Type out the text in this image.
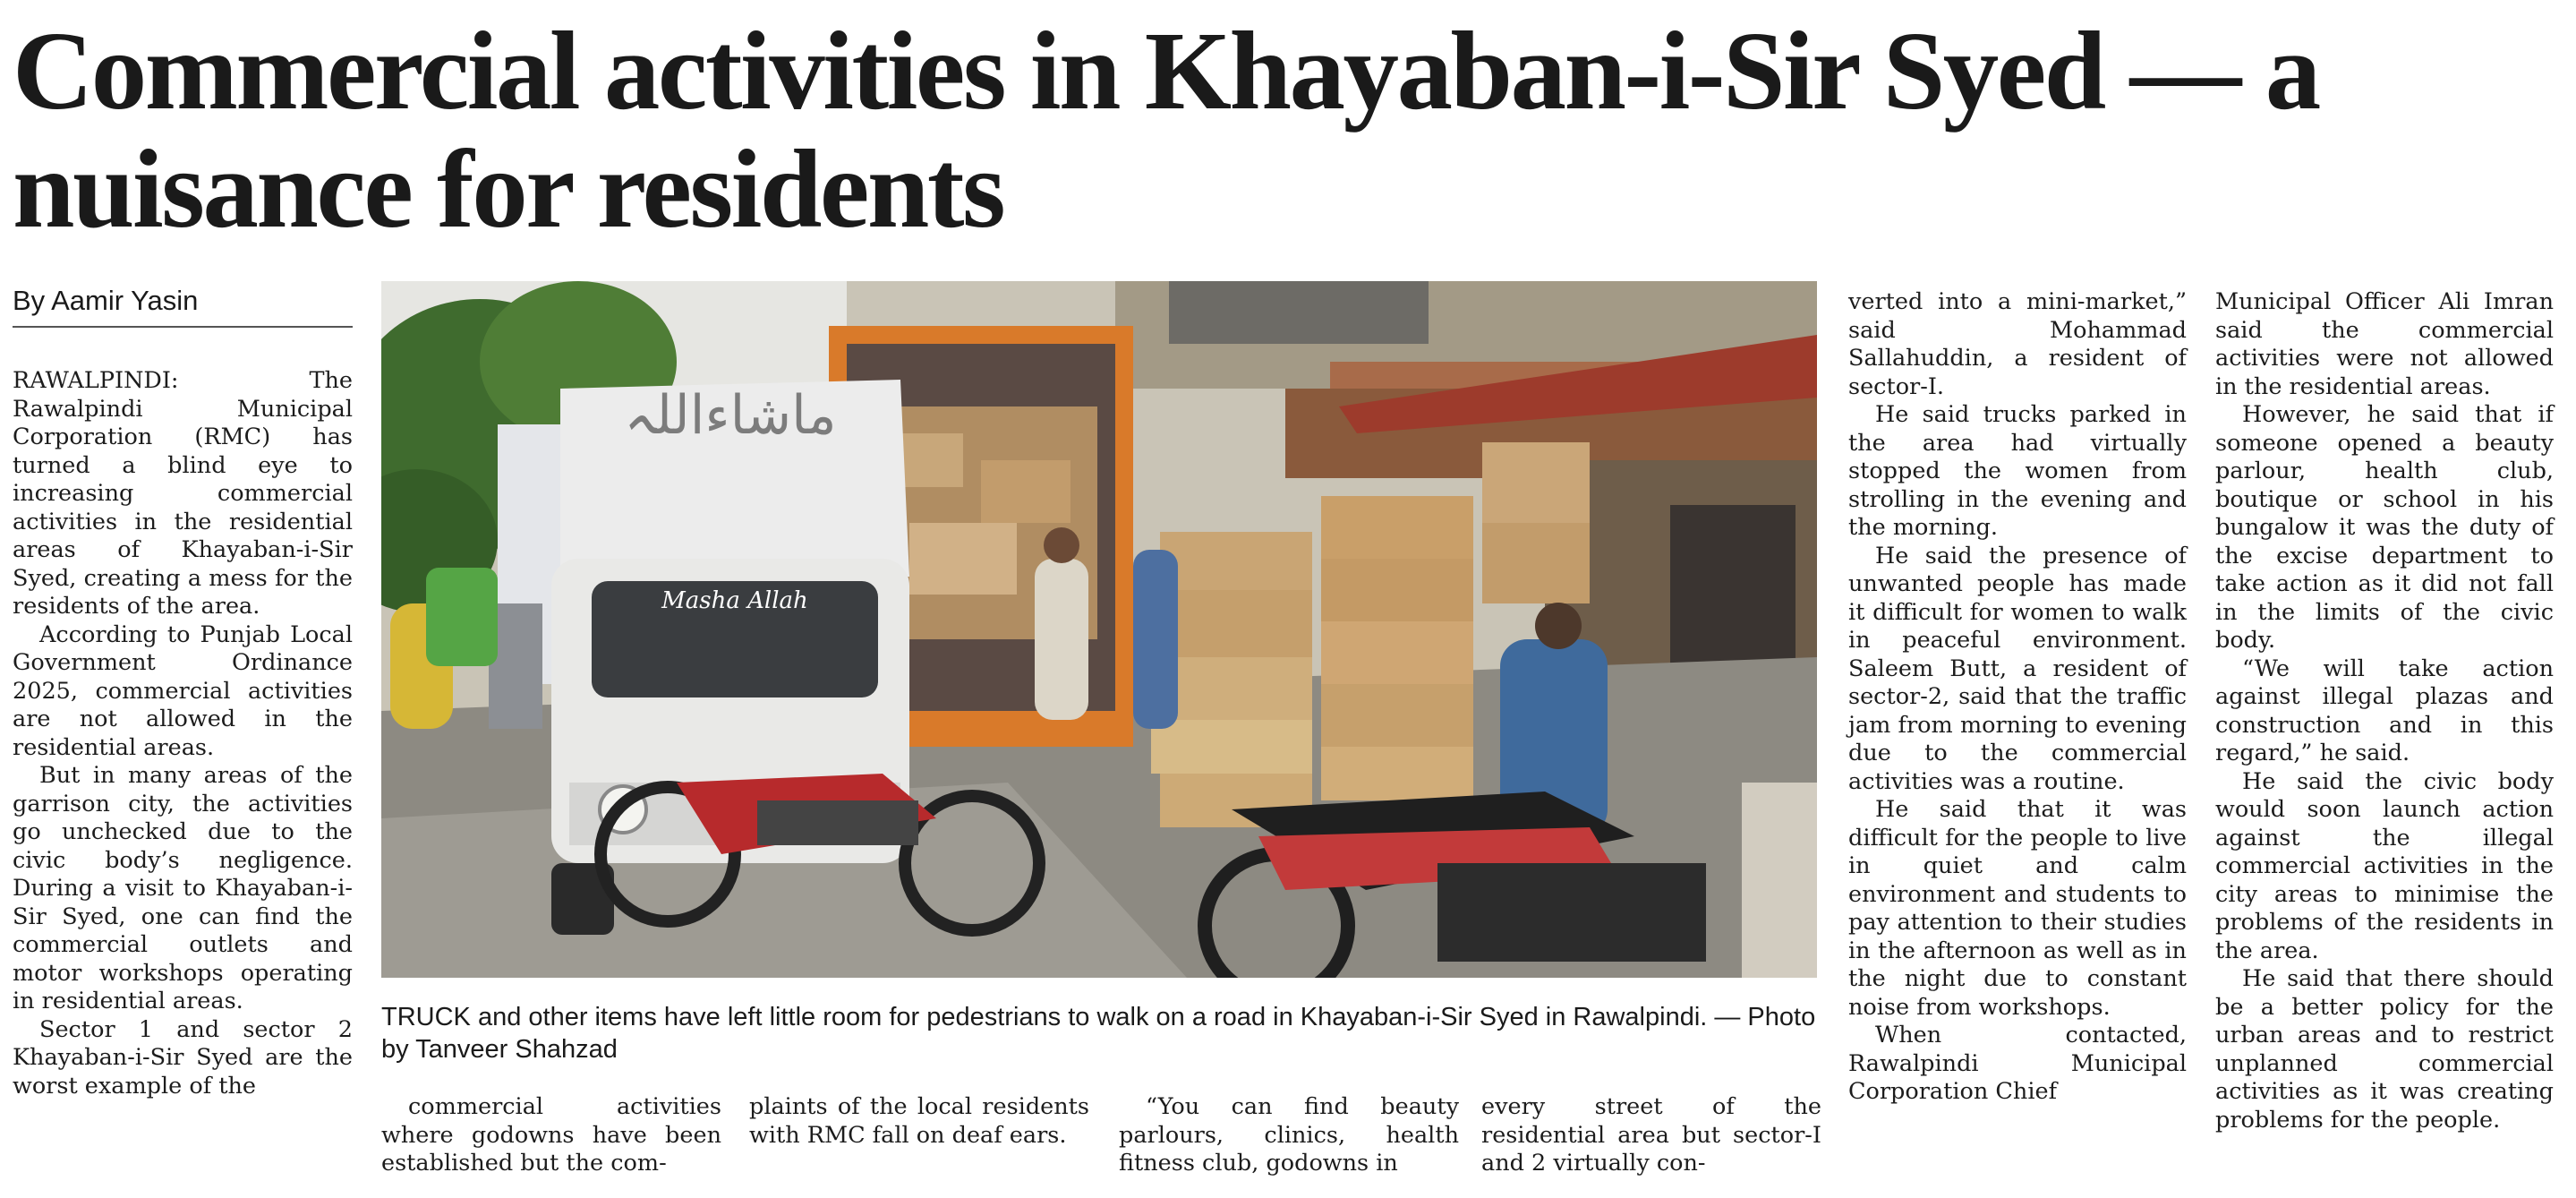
Commercial activities in Khayaban-i-Sir Syed — a nuisance for residents
By Aamir Yasin

RAWALPINDI: The Rawalpindi Municipal Corporation (RMC) has turned a blind eye to increasing commercial activities in the residential areas of Khayaban-i-Sir Syed, creating a mess for the residents of the area.

According to Punjab Local Government Ordinance 2025, commercial activities are not allowed in the residential areas.

But in many areas of the garrison city, the activities go unchecked due to the civic body’s negligence. During a visit to Khayaban-i-Sir Syed, one can find the commercial outlets and motor workshops operating in residential areas.

Sector 1 and sector 2 Khayaban-i-Sir Syed are the worst example of the

ماشاءاللہ
Masha Allah

TRUCK and other items have left little room for pedestrians to walk on a road in Khayaban-i-Sir Syed in Rawalpindi. — Photo by Tanveer Shahzad

commercial activities where godowns have been established but the com-

plaints of the local residents with RMC fall on deaf ears.

“You can find beauty parlours, clinics, health fitness club, godowns in

every street of the residential area but sector-I and 2 virtually con-

verted into a mini-market,” said Mohammad Sallahuddin, a resident of sector-I.

He said trucks parked in the area had virtually stopped the women from strolling in the evening and the morning.

He said the presence of unwanted people has made it difficult for women to walk in peaceful environment. Saleem Butt, a resident of sector-2, said that the traffic jam from morning to evening due to the commercial activities was a routine.

He said that it was difficult for the people to live in quiet and calm environment and students to pay attention to their studies in the afternoon as well as in the night due to constant noise from workshops.

When contacted, Rawalpindi Municipal Corporation Chief

Municipal Officer Ali Imran said the commercial activities were not allowed in the residential areas.

However, he said that if someone opened a beauty parlour, health club, boutique or school in his bungalow it was the duty of the excise department to take action as it did not fall in the limits of the civic body.

“We will take action against illegal plazas and construction and in this regard,” he said.

He said the civic body would soon launch action against the illegal commercial activities in the city areas to minimise the problems of the residents in the area.

He said that there should be a better policy for the urban areas and to restrict unplanned commercial activities as it was creating problems for the people.
